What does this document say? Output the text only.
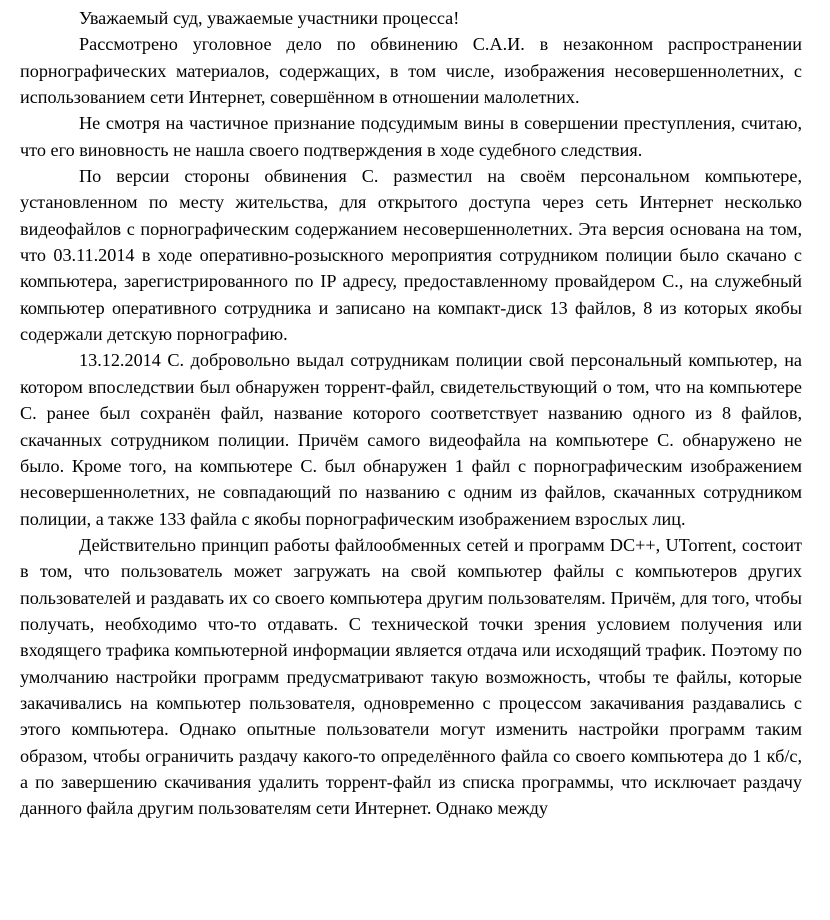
Уважаемый суд, уважаемые участники процесса!

Рассмотрено уголовное дело по обвинению С.А.И. в незаконном распространении порнографических материалов, содержащих, в том числе, изображения несовершеннолетних, с использованием сети Интернет, совершённом в отношении малолетних.

Не смотря на частичное признание подсудимым вины в совершении преступления, считаю, что его виновность не нашла своего подтверждения в ходе судебного следствия.

По версии стороны обвинения С. разместил на своём персональном компьютере, установленном по месту жительства, для открытого доступа через сеть Интернет несколько видеофайлов с порнографическим содержанием несовершеннолетних. Эта версия основана на том, что 03.11.2014 в ходе оперативно-розыскного мероприятия сотрудником полиции было скачано с компьютера, зарегистрированного по IP адресу, предоставленному провайдером С., на служебный компьютер оперативного сотрудника и записано на компакт-диск 13 файлов, 8 из которых якобы содержали детскую порнографию.

13.12.2014 С. добровольно выдал сотрудникам полиции свой персональный компьютер, на котором впоследствии был обнаружен торрент-файл, свидетельствующий о том, что на компьютере С. ранее был сохранён файл, название которого соответствует названию одного из 8 файлов, скачанных сотрудником полиции. Причём самого видеофайла на компьютере С. обнаружено не было. Кроме того, на компьютере С. был обнаружен 1 файл с порнографическим изображением несовершеннолетних, не совпадающий по названию с одним из файлов, скачанных сотрудником полиции, а также 133 файла с якобы порнографическим изображением взрослых лиц.

Действительно принцип работы файлообменных сетей и программ DC++, UTorrent, состоит в том, что пользователь может загружать на свой компьютер файлы с компьютеров других пользователей и раздавать их со своего компьютера другим пользователям. Причём, для того, чтобы получать, необходимо что-то отдавать. С технической точки зрения условием получения или входящего трафика компьютерной информации является отдача или исходящий трафик. Поэтому по умолчанию настройки программ предусматривают такую возможность, чтобы те файлы, которые закачивались на компьютер пользователя, одновременно с процессом закачивания раздавались с этого компьютера. Однако опытные пользователи могут изменить настройки программ таким образом, чтобы ограничить раздачу какого-то определённого файла со своего компьютера до 1 кб/с, а по завершению скачивания удалить торрент-файл из списка программы, что исключает раздачу данного файла другим пользователям сети Интернет. Однако между
